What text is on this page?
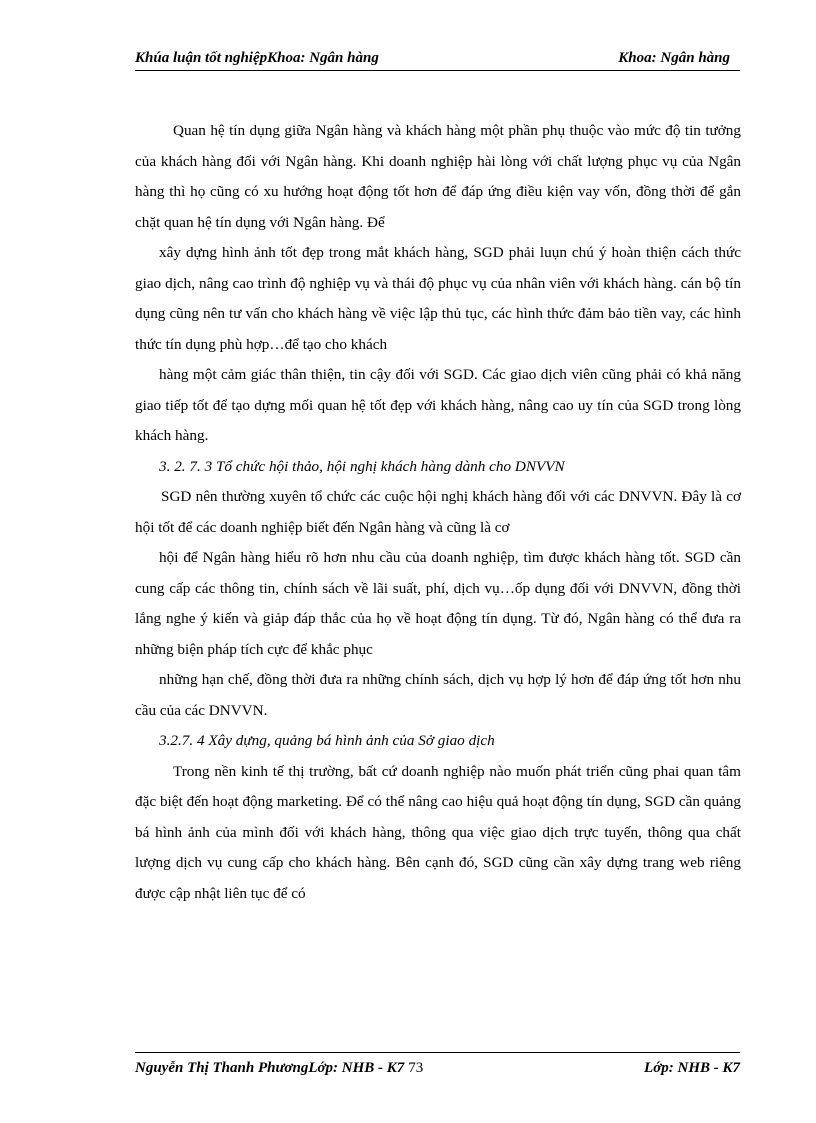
Khúa luận tốt nghiệpKhoa: Ngân hàng	Khoa: Ngân hàng

Quan hệ tín dụng giữa Ngân hàng và khách hàng một phần phụ thuộc vào mức độ tin tưởng của khách hàng đối với Ngân hàng. Khi doanh nghiệp hài lòng với chất lượng phục vụ của Ngân hàng thì họ cũng có xu hướng hoạt động tốt hơn để đáp ứng điều kiện vay vốn, đồng thời để gắn chặt quan hệ tín dụng với Ngân hàng. Để

xây dựng hình ảnh tốt đẹp trong mắt khách hàng, SGD phải luụn chú ý hoàn thiện cách thức giao dịch, nâng cao trình độ nghiệp vụ và thái độ phục vụ của nhân viên với khách hàng. cán bộ tín dụng cũng nên tư vấn cho khách hàng về việc lập thủ tục, các hình thức đảm bảo tiền vay, các hình thức tín dụng phù hợp…để tạo cho khách

hàng một cảm giác thân thiện, tin cậy đối với SGD. Các giao dịch viên cũng phải có khả năng giao tiếp tốt để tạo dựng mối quan hệ tốt đẹp với khách hàng, nâng cao uy tín của SGD trong lòng khách hàng.

3. 2. 7. 3 Tổ chức hội thảo, hội nghị khách hàng dành cho DNVVN

SGD nên thường xuyên tổ chức các cuộc hội nghị khách hàng đối với các DNVVN. Đây là cơ hội tốt để các doanh nghiệp biết đến Ngân hàng và cũng là cơ

hội để Ngân hàng hiểu rõ hơn nhu cầu của doanh nghiệp, tìm được khách hàng tốt. SGD cần cung cấp các thông tin, chính sách về lãi suất, phí, dịch vụ…ốp dụng đối với DNVVN, đồng thời lắng nghe ý kiến và giảp đáp thắc của họ về hoạt động tín dụng. Từ đó, Ngân hàng có thể đưa ra những biện pháp tích cực để khắc phục

những hạn chế, đồng thời đưa ra những chính sách, dịch vụ hợp lý hơn để đáp ứng tốt hơn nhu cầu của các DNVVN.

3.2.7. 4 Xây dựng, quảng bá hình ảnh của Sở giao dịch

Trong nền kinh tế thị trường, bất cứ doanh nghiệp nào muốn phát triển cũng phai quan tâm đặc biệt đến hoạt động marketing. Để có thể nâng cao hiệu quả hoạt động tín dụng, SGD cần quảng bá hình ảnh của mình đối với khách hàng, thông qua việc giao dịch trực tuyến, thông qua chất lượng dịch vụ cung cấp cho khách hàng. Bên cạnh đó, SGD cũng cần xây dựng trang web riêng được cập nhật liên tục để có

Nguyễn Thị Thanh PhươngLớp: NHB - K7 73	Lớp: NHB - K7
